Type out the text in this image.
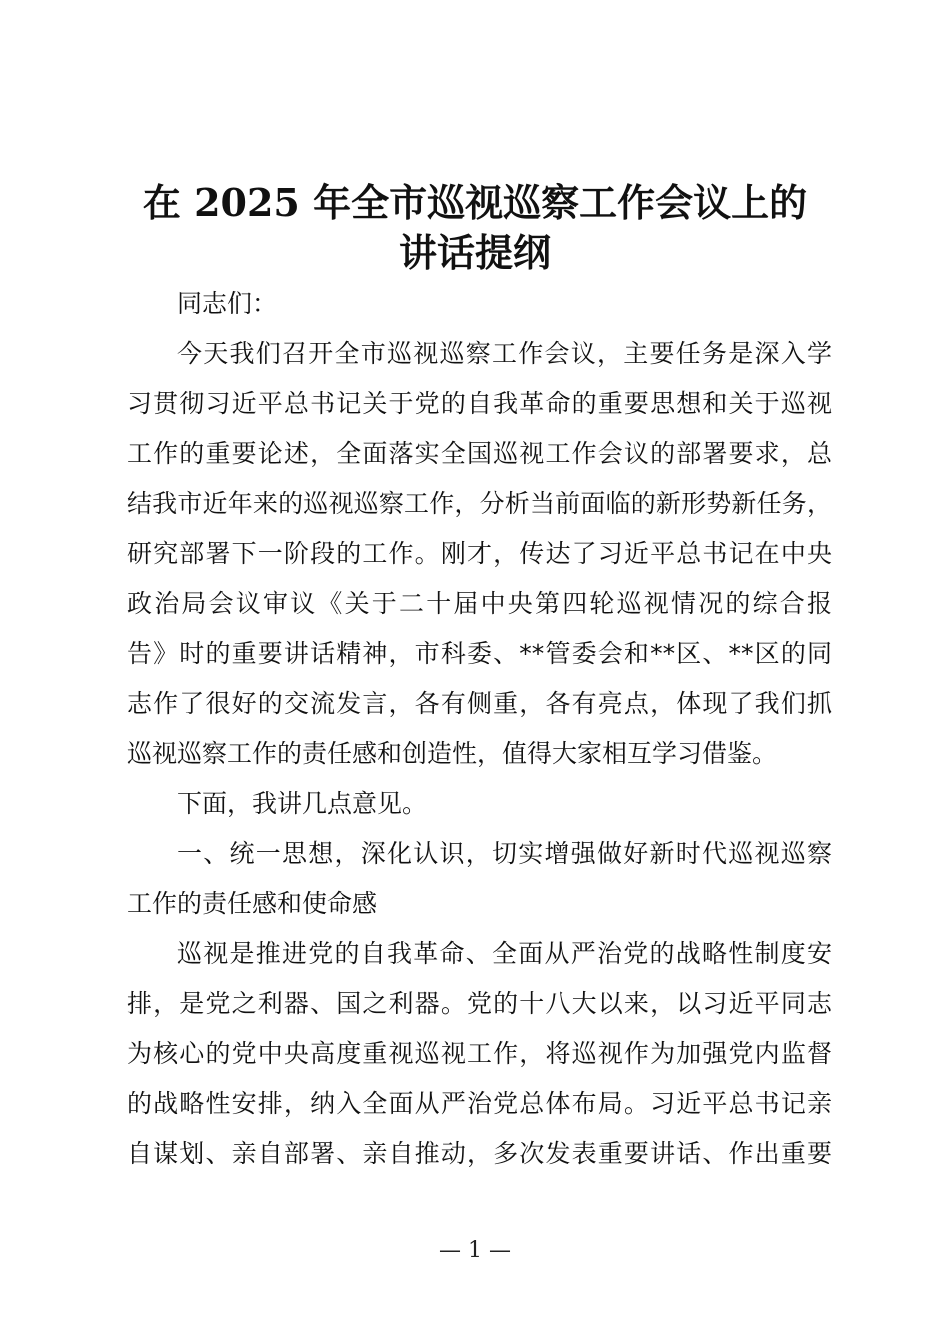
在 2025 年全市巡视巡察工作会议上的
讲话提纲
同志们：
今天我们召开全市巡视巡察工作会议，主要任务是深入学
习贯彻习近平总书记关于党的自我革命的重要思想和关于巡视
工作的重要论述，全面落实全国巡视工作会议的部署要求，总
结我市近年来的巡视巡察工作，分析当前面临的新形势新任务，
研究部署下一阶段的工作。刚才，传达了习近平总书记在中央
政治局会议审议《关于二十届中央第四轮巡视情况的综合报
告》时的重要讲话精神，市科委、**管委会和**区、**区的同
志作了很好的交流发言，各有侧重，各有亮点，体现了我们抓
巡视巡察工作的责任感和创造性，值得大家相互学习借鉴。
下面，我讲几点意见。
一、统一思想，深化认识，切实增强做好新时代巡视巡察
工作的责任感和使命感
巡视是推进党的自我革命、全面从严治党的战略性制度安
排，是党之利器、国之利器。党的十八大以来，以习近平同志
为核心的党中央高度重视巡视工作，将巡视作为加强党内监督
的战略性安排，纳入全面从严治党总体布局。习近平总书记亲
自谋划、亲自部署、亲自推动，多次发表重要讲话、作出重要
— 1 —
